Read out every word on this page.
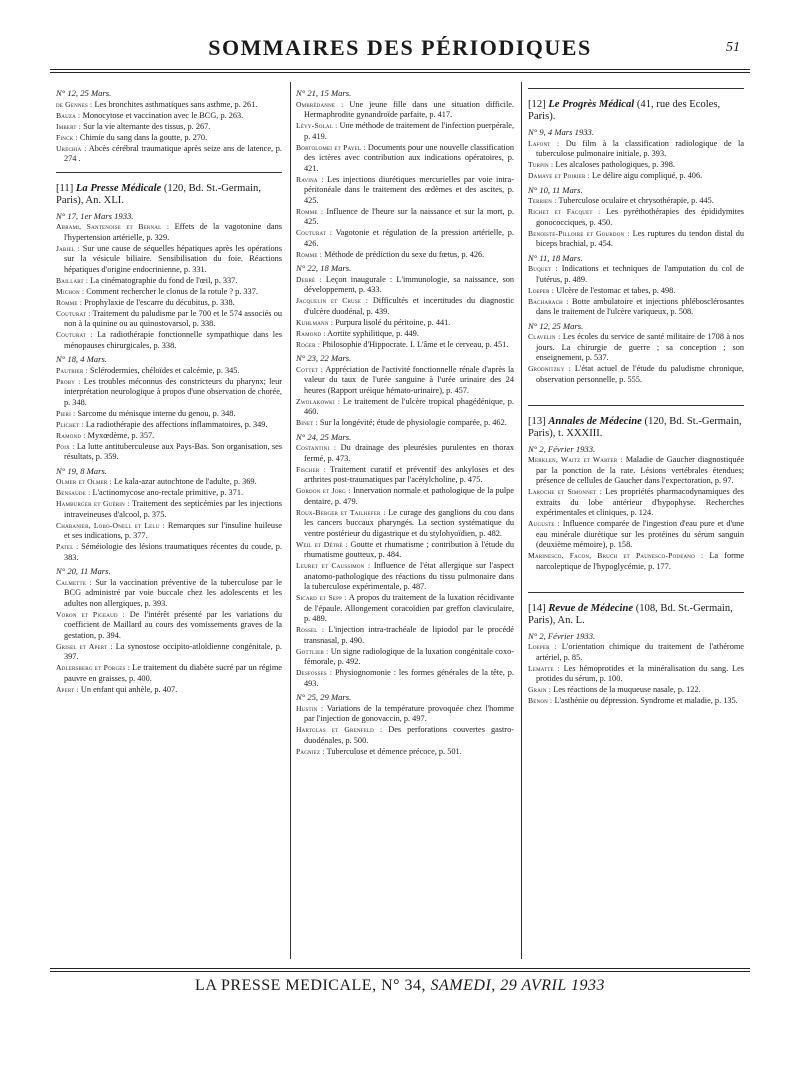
SOMMAIRES DES PÉRIODIQUES	51
N° 12, 25 Mars.
de Gennes : Les bronchites asthmatiques sans asthme, p. 261.
Bauza : Monocytose et vaccination avec le BCG, p. 263.
Imbert : Sur la vie alternante des tissus, p. 267.
Finck : Chimie du sang dans la goutte, p. 270.
Urechia : Abcès cérébral traumatique après seize ans de latence, p. 274 .
[11] La Presse Médicale (120, Bd. St.-Germain, Paris), An. XLI.
N° 17, 1er Mars 1933.
Abrami, Santenoise et Bernal : Effets de la vagotonine dans l'hypertension artérielle, p. 329.
Jabiel : Sur une cause de séquelles hépatiques après les opérations sur la vésicule biliaire. Sensibilisation du foie. Réactions hépatiques d'origine endocrinienne, p. 331.
Baillart : La cinématographie du fond de l'œil, p. 337.
Michon : Comment rechercher le clonus de la rotule ? p. 337.
Romme : Prophylaxie de l'escarre du décubitus, p. 338.
Couturat : Traitement du paludisme par le 700 et le 574 associés ou non à la quinine ou au quinostovarsol, p. 338.
Couturat : La radiothérapie fonctionnelle sympathique dans les ménopauses chirurgicales, p. 338.
N° 18, 4 Mars.
Pautrier : Sclérodermies, chéloïdes et calcémie, p. 345.
Proby : Les troubles méconnus des constricteurs du pharynx; leur interprétation neurologique à propos d'une observation de chorée, p. 348.
Pieri : Sarcome du ménisque interne du genou, p. 348.
Plichet : La radiothérapie des affections inflammatoires, p. 349.
Ramond : Myxœdème, p. 357.
Poix : La lutte antituberculeuse aux Pays-Bas. Son organisation, ses résultats, p. 359.
N° 19, 8 Mars.
Olmer et Olmer : Le kala-azar autochtone de l'adulte, p. 369.
Bensaude : L'actinomycose ano-rectale primitive, p. 371.
Hamburger et Guérin : Traitement des septicémies par les injections intraveineuses d'alcool, p. 375.
Chabanier, Lobo-Onell et Lelu : Remarques sur l'insuline huileuse et ses indications, p. 377.
Patel : Séméiologie des lésions traumatiques récentes du coude, p. 383.
N° 20, 11 Mars.
Calmette : Sur la vaccination préventive de la tuberculose par le BCG administré par voie buccale chez les adolescents et les adultes non allergiques, p. 393.
Voron et Pigeaud : De l'intérêt présenté par les variations du coefficient de Maillard au cours des vomissements graves de la gestation, p. 394.
Grisel et Apert : La synostose occipito-atloïdienne congénitale, p. 397.
Adlersberg et Porges : Le traitement du diabète sucré par un régime pauvre en graisses, p. 400.
Apert : Un enfant qui anhèle, p. 407.
N° 21, 15 Mars.
Ombrédanne : Une jeune fille dans une situation difficile. Hermaphrodite gynandroïde parfaite, p. 417.
Lévy-Solal : Une méthode de traitement de l'infection puerpérale, p. 419.
Bortolomei et Payel : Documents pour une nouvelle classification des ictères avec contribution aux indications opératoires, p. 421.
Ravina : Les injections diurétiques mercurielles par voie intra-péritonéale dans le traitement des œdèmes et des ascites, p. 425.
Romme : Influence de l'heure sur la naissance et sur la mort, p. 425.
Couturat : Vagotonie et régulation de la pression artérielle, p. 426.
Romme : Méthode de prédiction du sexe du fœtus, p. 426.
N° 22, 18 Mars.
Debré : Leçon inaugurale : L'immunologie, sa naissance, son développement, p. 433.
Jacquelin et Cruse : Difficultés et incertitudes du diagnostic d'ulcère duodénal, p. 439.
Kuhlmann : Purpura lisolé du péritoine, p. 441.
Ramond : Aortite syphilitique, p. 449.
Roger : Philosophie d'Hippocrate. I. L'âme et le cerveau, p. 451.
N° 23, 22 Mars.
Cottet : Appréciation de l'activité fonctionnelle rénale d'après la valeur du taux de l'urée sanguine à l'urée urinaire des 24 heures (Rapport uréique hémato-urinaire), p. 457.
Zwolakowki : Le traitement de l'ulcère tropical phagédénique, p. 460.
Binet : Sur la longévité; étude de physiologie comparée, p. 462.
N° 24, 25 Mars.
Costantini : Du drainage des pleurésies purulentes en thorax fermé, p. 473.
Fischer : Traitement curatif et préventif des ankyloses et des arthrites post-traumatiques par l'acétylcholine, p. 475.
Gordon et Jorg : Innervation normale et pathologique de la pulpe dentaire, p. 479.
Roux-Berger et Tailhefer : Le curage des ganglions du cou dans les cancers buccaux pharyngés. La section systématique du ventre postérieur du digastrique et du stylohyoïdien, p. 482.
Weil et Détré : Goutte et rhumatisme ; contribution à l'étude du rhumatisme goutteux, p. 484.
Leuret et Caussimon : Influence de l'état allergique sur l'aspect anatomo-pathologique des réactions du tissu pulmonaire dans la tuberculose expérimentale, p. 487.
Sicard et Sepp : A propos du traitement de la luxation récidivante de l'épaule. Allongement coracoïdien par greffon claviculaire, p. 489.
Rossel : L'injection intra-trachéale de lipiodol par le procédé transnasal, p. 490.
Gottlieb : Un signe radiologique de la luxation congénitale coxo-fémorale, p. 492.
Desfosses : Physiognomonie : les formes générales de la tête, p. 493.
N° 25, 29 Mars.
Hustin : Variations de la température provoquée chez l'homme par l'injection de gonovaccin, p. 497.
Hartglas et Grenfeld : Des perforations couvertes gastro-duodénales, p. 500.
Pagniez : Tuberculose et démence précoce, p. 501.
[12] Le Progrès Médical (41, rue des Ecoles, Paris).
N° 9, 4 Mars 1933.
Lafont : Du film à la classification radiologique de la tuberculose pulmonaire initiale, p. 393.
Turpin : Les alcaloses pathologiques, p. 398.
Damaye et Poirier : Le délire aigu compliqué, p. 406.
N° 10, 11 Mars.
Terrien : Tuberculose oculaire et chrysothérapie, p. 445.
Richet et Facquet : Les pyréthothérapies des épididymites gonococciques, p. 450.
Benoiste-Pilloire et Gourdon : Les ruptures du tendon distal du biceps brachial, p. 454.
N° 11, 18 Mars.
Buquet : Indications et techniques de l'amputation du col de l'utérus, p. 489.
Loeper : Ulcère de l'estomac et tabes, p. 498.
Bacharach : Botte ambulatoire et injections phlébosclérosantes dans le traitement de l'ulcère variqueux, p. 508.
N° 12, 25 Mars.
Clavelin : Les écoles du service de santé militaire de 1708 à nos jours. La chirurgie de guerre ; sa conception ; son enseignement, p. 537.
Grodnitzky : L'état actuel de l'étude du paludisme chronique, observation personnelle, p. 555.
[13] Annales de Médecine (120, Bd. St.-Germain, Paris), t. XXXIII.
N° 2, Février 1933.
Merklen, Waitz et Warter : Maladie de Gaucher diagnostiquée par la ponction de la rate. Lésions vertébrales étendues; présence de cellules de Gaucher dans l'expectoration, p. 97.
Laroche et Simonnet : Les propriétés pharmacodynamiques des extraits du lobe antérieur d'hypophyse. Recherches expérimentales et cliniques, p. 124.
Auguste : Influence comparée de l'ingestion d'eau pure et d'une eau minérale diurétique sur les protéines du sérum sanguin (deuxième mémoire), p. 158.
Marinesco, Facon, Bruch et Paunesco-Podeano : La forme narcoleptique de l'hypoglycémie, p. 177.
[14] Revue de Médecine (108, Bd. St.-Germain, Paris), An. L.
N° 2, Février 1933.
Loeper : L'orientation chimique du traitement de l'athérome artériel, p. 85.
Lematte : Les hémoprotides et la minéralisation du sang. Les protides du sérum, p. 100.
Grain : Les réactions de la muqueuse nasale, p. 122.
Benon : L'asthénie ou dépression. Syndrome et maladie, p. 135.
LA PRESSE MEDICALE, N° 34, SAMEDI, 29 AVRIL 1933
